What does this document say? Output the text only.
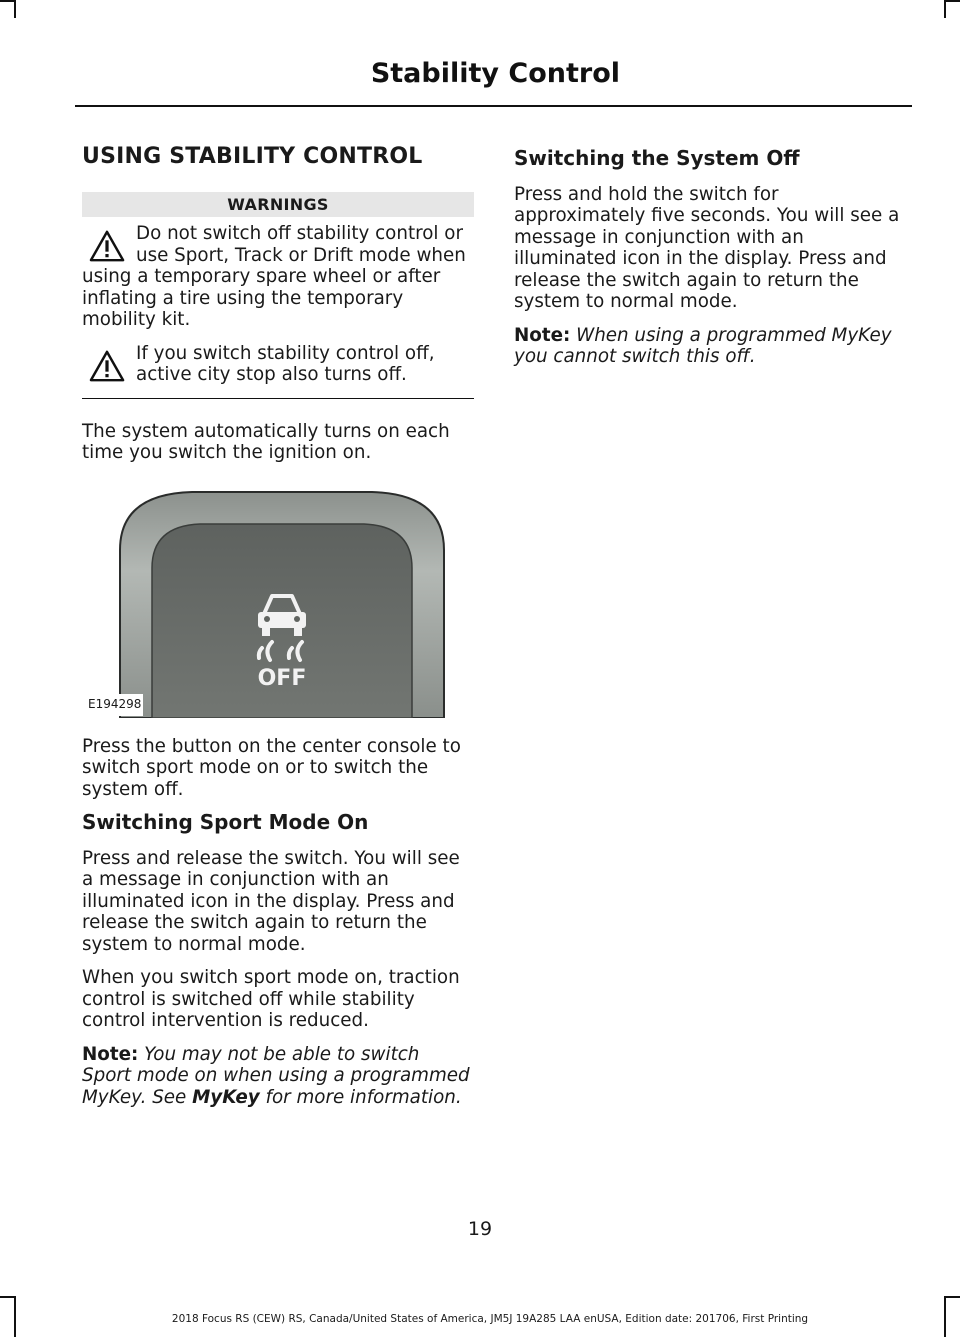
Stability Control
USING STABILITY CONTROL
WARNINGS
Do not switch off stability control or use Sport, Track or Drift mode when using a temporary spare wheel or after inflating a tire using the temporary mobility kit.
If you switch stability control off, active city stop also turns off.

The system automatically turns on each time you switch the ignition on.

OFF
E194298

Press the button on the center console to switch sport mode on or to switch the system off.

Switching Sport Mode On

Press and release the switch. You will see a message in conjunction with an illuminated icon in the display. Press and release the switch again to return the system to normal mode.

When you switch sport mode on, traction control is switched off while stability control intervention is reduced.

Note: You may not be able to switch Sport mode on when using a programmed MyKey. See MyKey for more information.

Switching the System Off

Press and hold the switch for approximately five seconds. You will see a message in conjunction with an illuminated icon in the display. Press and release the switch again to return the system to normal mode.

Note: When using a programmed MyKey you cannot switch this off.

19
2018 Focus RS (CEW) RS, Canada/United States of America, JM5J 19A285 LAA enUSA, Edition date: 201706, First Printing
